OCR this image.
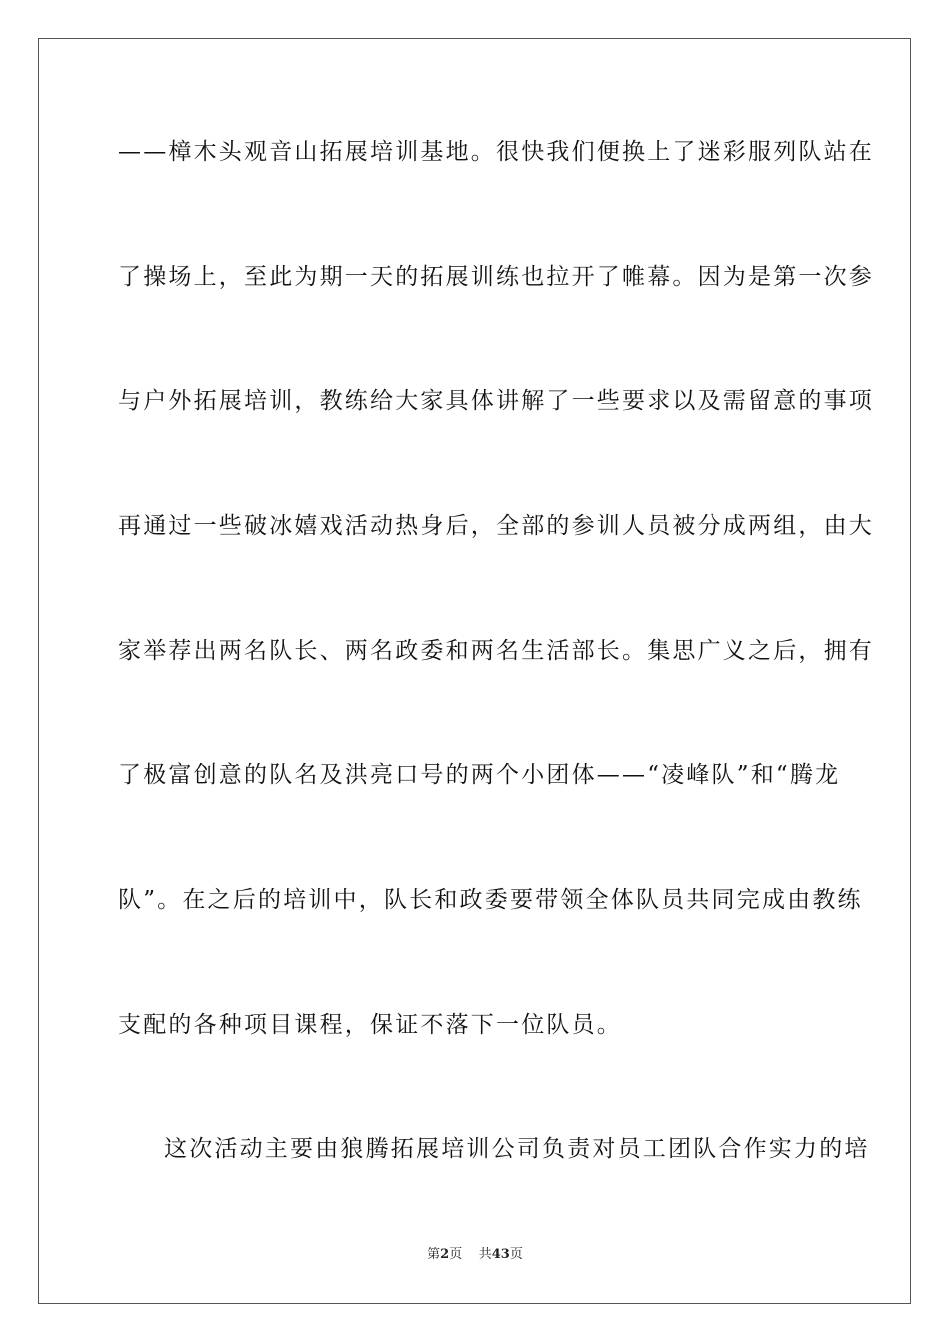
——樟木头观音山拓展培训基地。很快我们便换上了迷彩服列队站在
了操场上，至此为期一天的拓展训练也拉开了帷幕。因为是第一次参
与户外拓展培训，教练给大家具体讲解了一些要求以及需留意的事项
再通过一些破冰嬉戏活动热身后，全部的参训人员被分成两组，由大
家举荐出两名队长、两名政委和两名生活部长。集思广义之后，拥有
了极富创意的队名及洪亮口号的两个小团体——“凌峰队”和“腾龙
队”。在之后的培训中，队长和政委要带领全体队员共同完成由教练
支配的各种项目课程，保证不落下一位队员。
这次活动主要由狼腾拓展培训公司负责对员工团队合作实力的培
第2页 共43页
